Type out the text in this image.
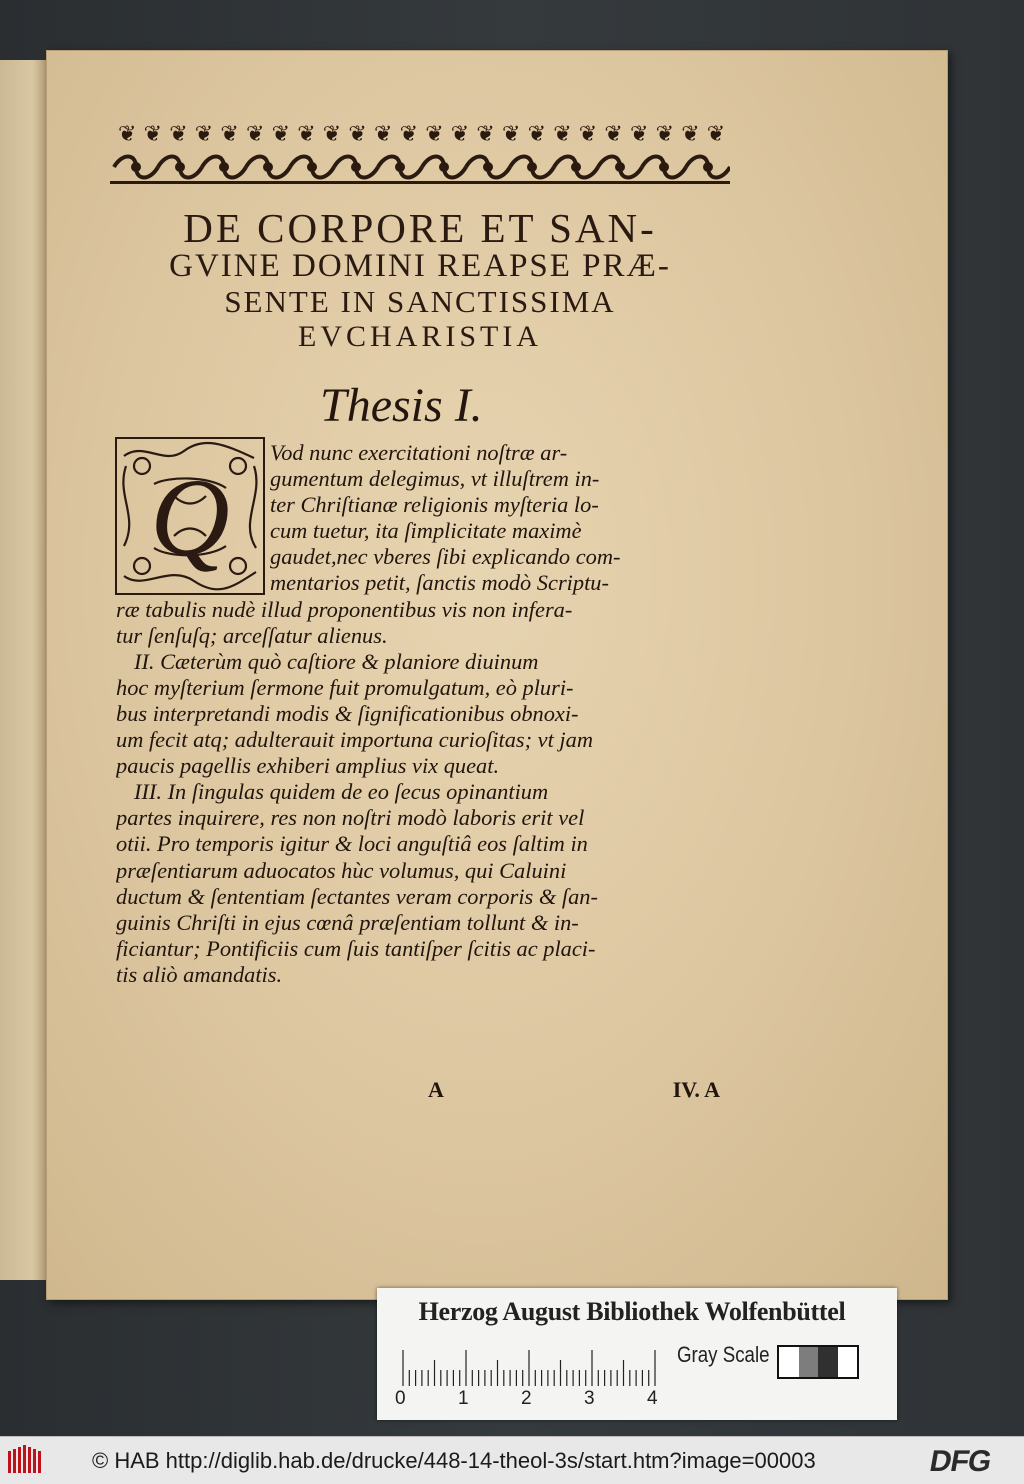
❦ ❦ ❦ ❦ ❦ ❦ ❦ ❦ ❦ ❦ ❦ ❦ ❦ ❦ ❦ ❦ ❦ ❦ ❦ ❦ ❦ ❦ ❦ ❦
DE CORPORE ET SAN-
GVINE DOMINI REAPSE PRÆ-
SENTE IN SANCTISSIMA
EVCHARISTIA
Thesis I.
Q
Vod nunc exercitationi noſtræ ar-
gumentum delegimus, vt illuſtrem in-
ter Chriſtianæ religionis myſteria lo-
cum tuetur, ita ſimplicitate maximè
gaudet,nec vberes ſibi explicando com-
mentarios petit, ſanctis modò Scriptu-
ræ tabulis nudè illud proponentibus vis non infera-
tur ſenſuſq; arceſſatur alienus.
II. Cæterùm quò caſtiore & planiore diuinum
hoc myſterium ſermone fuit promulgatum, eò pluri-
bus interpretandi modis & ſignificationibus obnoxi-
um fecit atq; adulterauit importuna curioſitas; vt jam
paucis pagellis exhiberi amplius vix queat.
III. In ſingulas quidem de eo ſecus opinantium
partes inquirere, res non noſtri modò laboris erit vel
otii. Pro temporis igitur & loci anguſtiâ eos ſaltim in
præſentiarum aduocatos hùc volumus, qui Caluini
ductum & ſententiam ſectantes veram corporis & ſan-
guinis Chriſti in ejus cœnâ præſentiam tollunt & in-
ficiantur; Pontificiis cum ſuis tantiſper ſcitis ac placi-
tis aliò amandatis.
A	IV. A
Herzog August Bibliothek Wolfenbüttel
0	1	2	3	4
Gray Scale
© HAB http://diglib.hab.de/drucke/448-14-theol-3s/start.htm?image=00003	DFG
